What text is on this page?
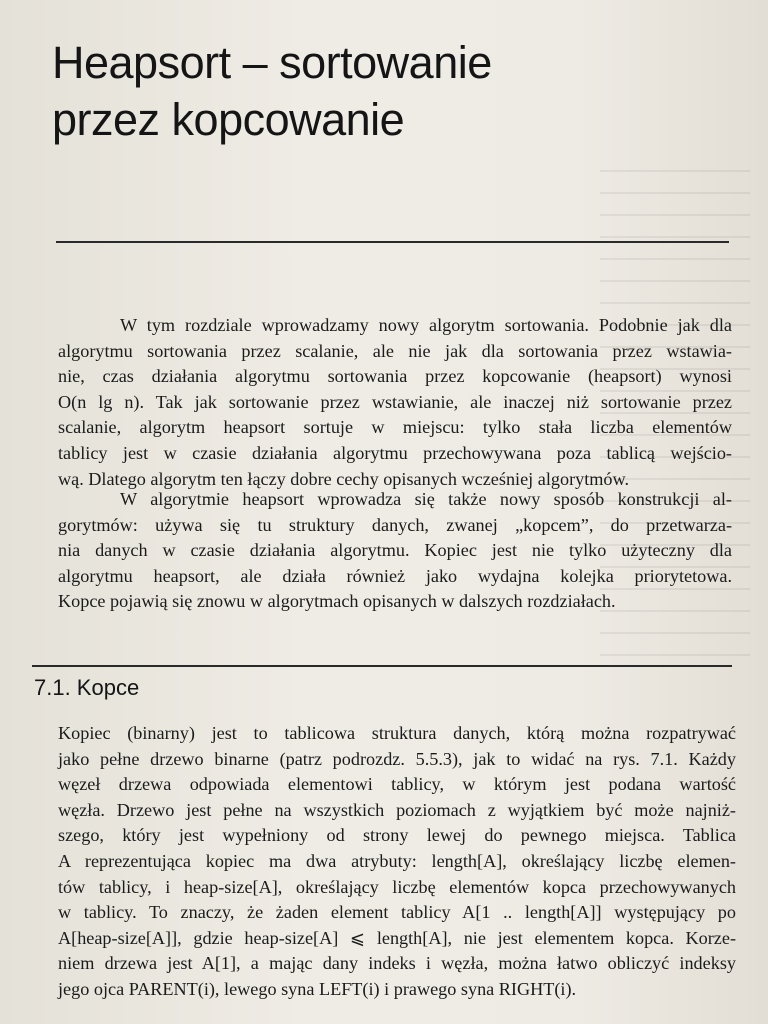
Heapsort – sortowanie
przez kopcowanie

W tym rozdziale wprowadzamy nowy algorytm sortowania. Podobnie jak dla
algorytmu sortowania przez scalanie, ale nie jak dla sortowania przez wstawia-
nie, czas działania algorytmu sortowania przez kopcowanie (heapsort) wynosi
O(n lg n). Tak jak sortowanie przez wstawianie, ale inaczej niż sortowanie przez
scalanie, algorytm heapsort sortuje w miejscu: tylko stała liczba elementów
tablicy jest w czasie działania algorytmu przechowywana poza tablicą wejścio-
wą. Dlatego algorytm ten łączy dobre cechy opisanych wcześniej algorytmów.

W algorytmie heapsort wprowadza się także nowy sposób konstrukcji al-
gorytmów: używa się tu struktury danych, zwanej „kopcem”, do przetwarza-
nia danych w czasie działania algorytmu. Kopiec jest nie tylko użyteczny dla
algorytmu heapsort, ale działa również jako wydajna kolejka priorytetowa.
Kopce pojawią się znowu w algorytmach opisanych w dalszych rozdziałach.

7.1. Kopce

Kopiec (binarny) jest to tablicowa struktura danych, którą można rozpatrywać
jako pełne drzewo binarne (patrz podrozdz. 5.5.3), jak to widać na rys. 7.1. Każdy
węzeł drzewa odpowiada elementowi tablicy, w którym jest podana wartość
węzła. Drzewo jest pełne na wszystkich poziomach z wyjątkiem być może najniż-
szego, który jest wypełniony od strony lewej do pewnego miejsca. Tablica
A reprezentująca kopiec ma dwa atrybuty: length[A], określający liczbę elemen-
tów tablicy, i heap-size[A], określający liczbę elementów kopca przechowywanych
w tablicy. To znaczy, że żaden element tablicy A[1 .. length[A]] występujący po
A[heap-size[A]], gdzie heap-size[A] ⩽ length[A], nie jest elementem kopca. Korze-
niem drzewa jest A[1], a mając dany indeks i węzła, można łatwo obliczyć indeksy
jego ojca PARENT(i), lewego syna LEFT(i) i prawego syna RIGHT(i).
